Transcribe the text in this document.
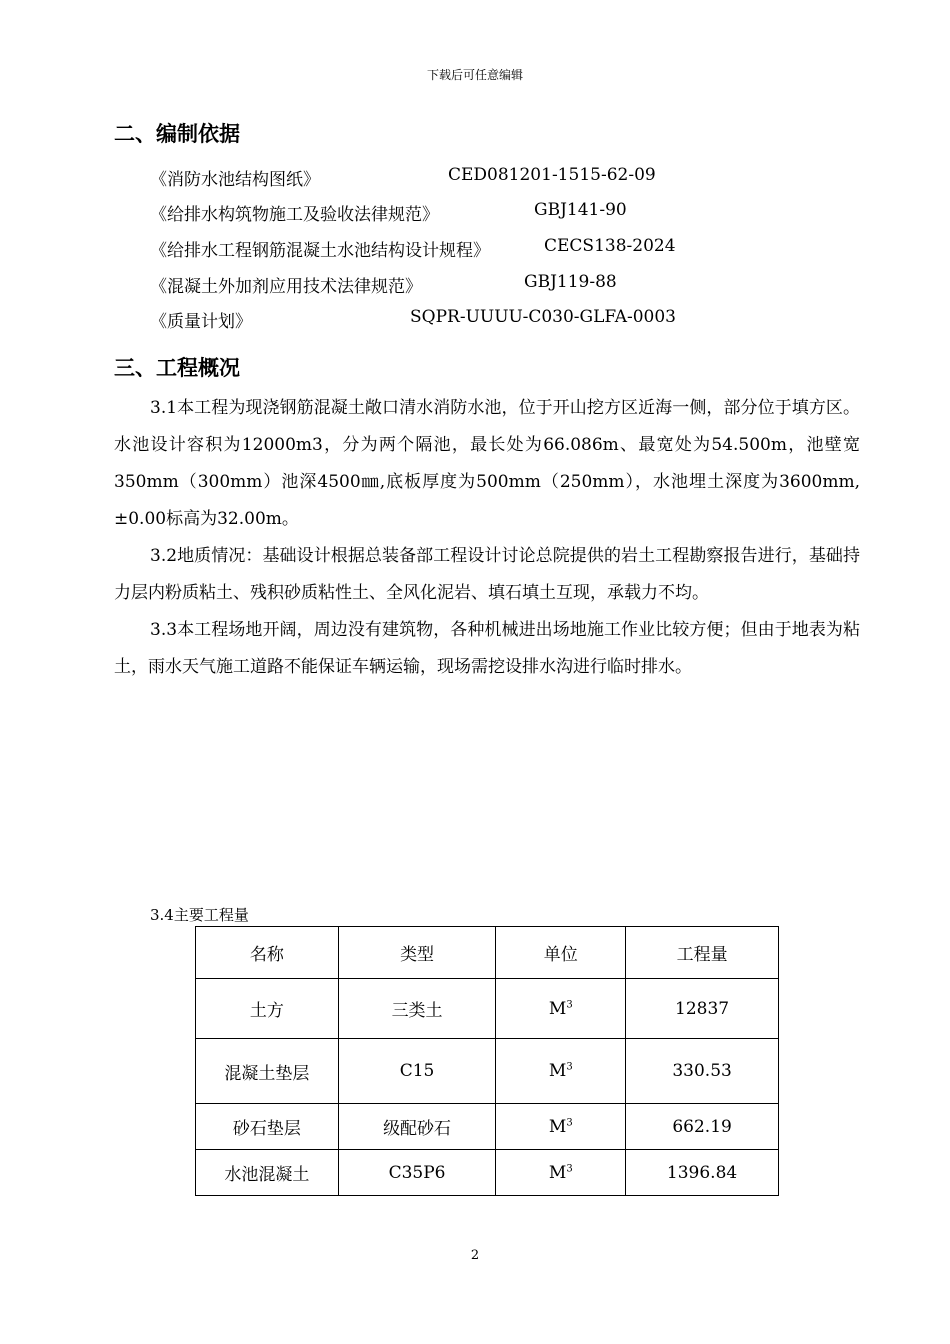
下载后可任意编辑
二、编制依据
《消防水池结构图纸》	CED081201-1515-62-09
《给排水构筑物施工及验收法律规范》	GBJ141-90
《给排水工程钢筋混凝土水池结构设计规程》	CECS138-2024
《混凝土外加剂应用技术法律规范》	GBJ119-88
《质量计划》	SQPR-UUUU-C030-GLFA-0003
三、工程概况

3.1本工程为现浇钢筋混凝土敞口清水消防水池，位于开山挖方区近海一侧，部分位于填方区。水池设计容积为12000m3，分为两个隔池，最长处为66.086m、最宽处为54.500m，池壁宽350mm（300mm）池深4500㎜,底板厚度为500mm（250mm），水池埋土深度为3600mm,±0.00标高为32.00m。

3.2地质情况：基础设计根据总装备部工程设计讨论总院提供的岩土工程勘察报告进行，基础持力层内粉质粘土、残积砂质粘性土、全风化泥岩、填石填土互现，承载力不均。

3.3本工程场地开阔，周边没有建筑物，各种机械进出场地施工作业比较方便；但由于地表为粘土，雨水天气施工道路不能保证车辆运输，现场需挖设排水沟进行临时排水。

3.4主要工程量
名称	类型	单位	工程量
土方	三类土	$M^3$	12837
混凝土垫层	C15	$M^3$	330.53
砂石垫层	级配砂石	$M^3$	662.19
水池混凝土	C35P6	$M^3$	1396.84
2
